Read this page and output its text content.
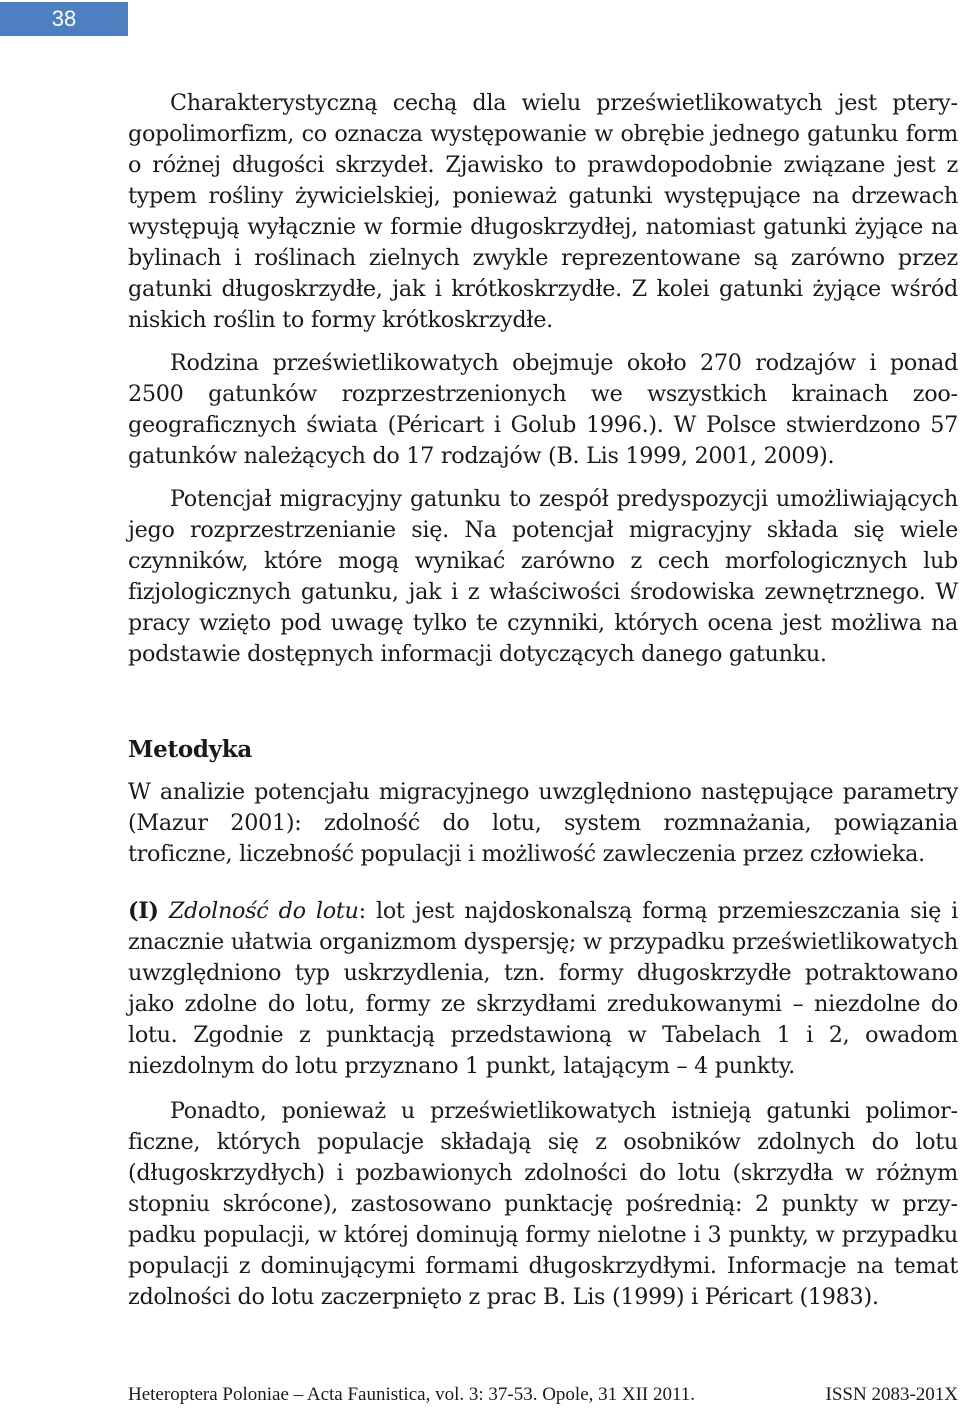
38

Charakterystyczną cechą dla wielu prześwietlikowatych jest pterygopolimorfizm, co oznacza występowanie w obrębie jednego gatunku form o różnej długości skrzydeł. Zjawisko to prawdopodobnie związane jest z typem rośliny żywicielskiej, ponieważ gatunki występujące na drzewach występują wyłącznie w formie długoskrzydłej, natomiast gatunki żyjące na bylinach i roślinach zielnych zwykle reprezentowane są zarówno przez gatunki długoskrzydłe, jak i krótkoskrzydłe. Z kolei gatunki żyjące wśród niskich roślin to formy krótkoskrzydłe.

Rodzina prześwietlikowatych obejmuje około 270 rodzajów i ponad 2500 gatunków rozprzestrzenionych we wszystkich krainach zoogeograficznych świata (Péricart i Golub 1996.). W Polsce stwierdzono 57 gatunków należących do 17 rodzajów (B. Lis 1999, 2001, 2009).

Potencjał migracyjny gatunku to zespół predyspozycji umożliwiających jego rozprzestrzenianie się. Na potencjał migracyjny składa się wiele czynników, które mogą wynikać zarówno z cech morfologicznych lub fizjologicznych gatunku, jak i z właściwości środowiska zewnętrznego. W pracy wzięto pod uwagę tylko te czynniki, których ocena jest możliwa na podstawie dostępnych informacji dotyczących danego gatunku.

Metodyka

W analizie potencjału migracyjnego uwzględniono następujące parametry (Mazur 2001): zdolność do lotu, system rozmnażania, powiązania troficzne, liczebność populacji i możliwość zawleczenia przez człowieka.

(I) Zdolność do lotu: lot jest najdoskonalszą formą przemieszczania się i znacznie ułatwia organizmom dyspersję; w przypadku prześwietlikowatych uwzględniono typ uskrzydlenia, tzn. formy długoskrzydłe potraktowano jako zdolne do lotu, formy ze skrzydłami zredukowanymi – niezdolne do lotu. Zgodnie z punktacją przedstawioną w Tabelach 1 i 2, owadom niezdolnym do lotu przyznano 1 punkt, latającym – 4 punkty.

Ponadto, ponieważ u prześwietlikowatych istnieją gatunki polimorficzne, których populacje składają się z osobników zdolnych do lotu (długoskrzydłych) i pozbawionych zdolności do lotu (skrzydła w różnym stopniu skrócone), zastosowano punktację pośrednią: 2 punkty w przypadku populacji, w której dominują formy nielotne i 3 punkty, w przypadku populacji z dominującymi formami długoskrzydłymi. Informacje na temat zdolności do lotu zaczerpnięto z prac B. Lis (1999) i Péricart (1983).

Heteroptera Poloniae – Acta Faunistica, vol. 3: 37-53. Opole, 31 XII 2011.	ISSN 2083-201X
